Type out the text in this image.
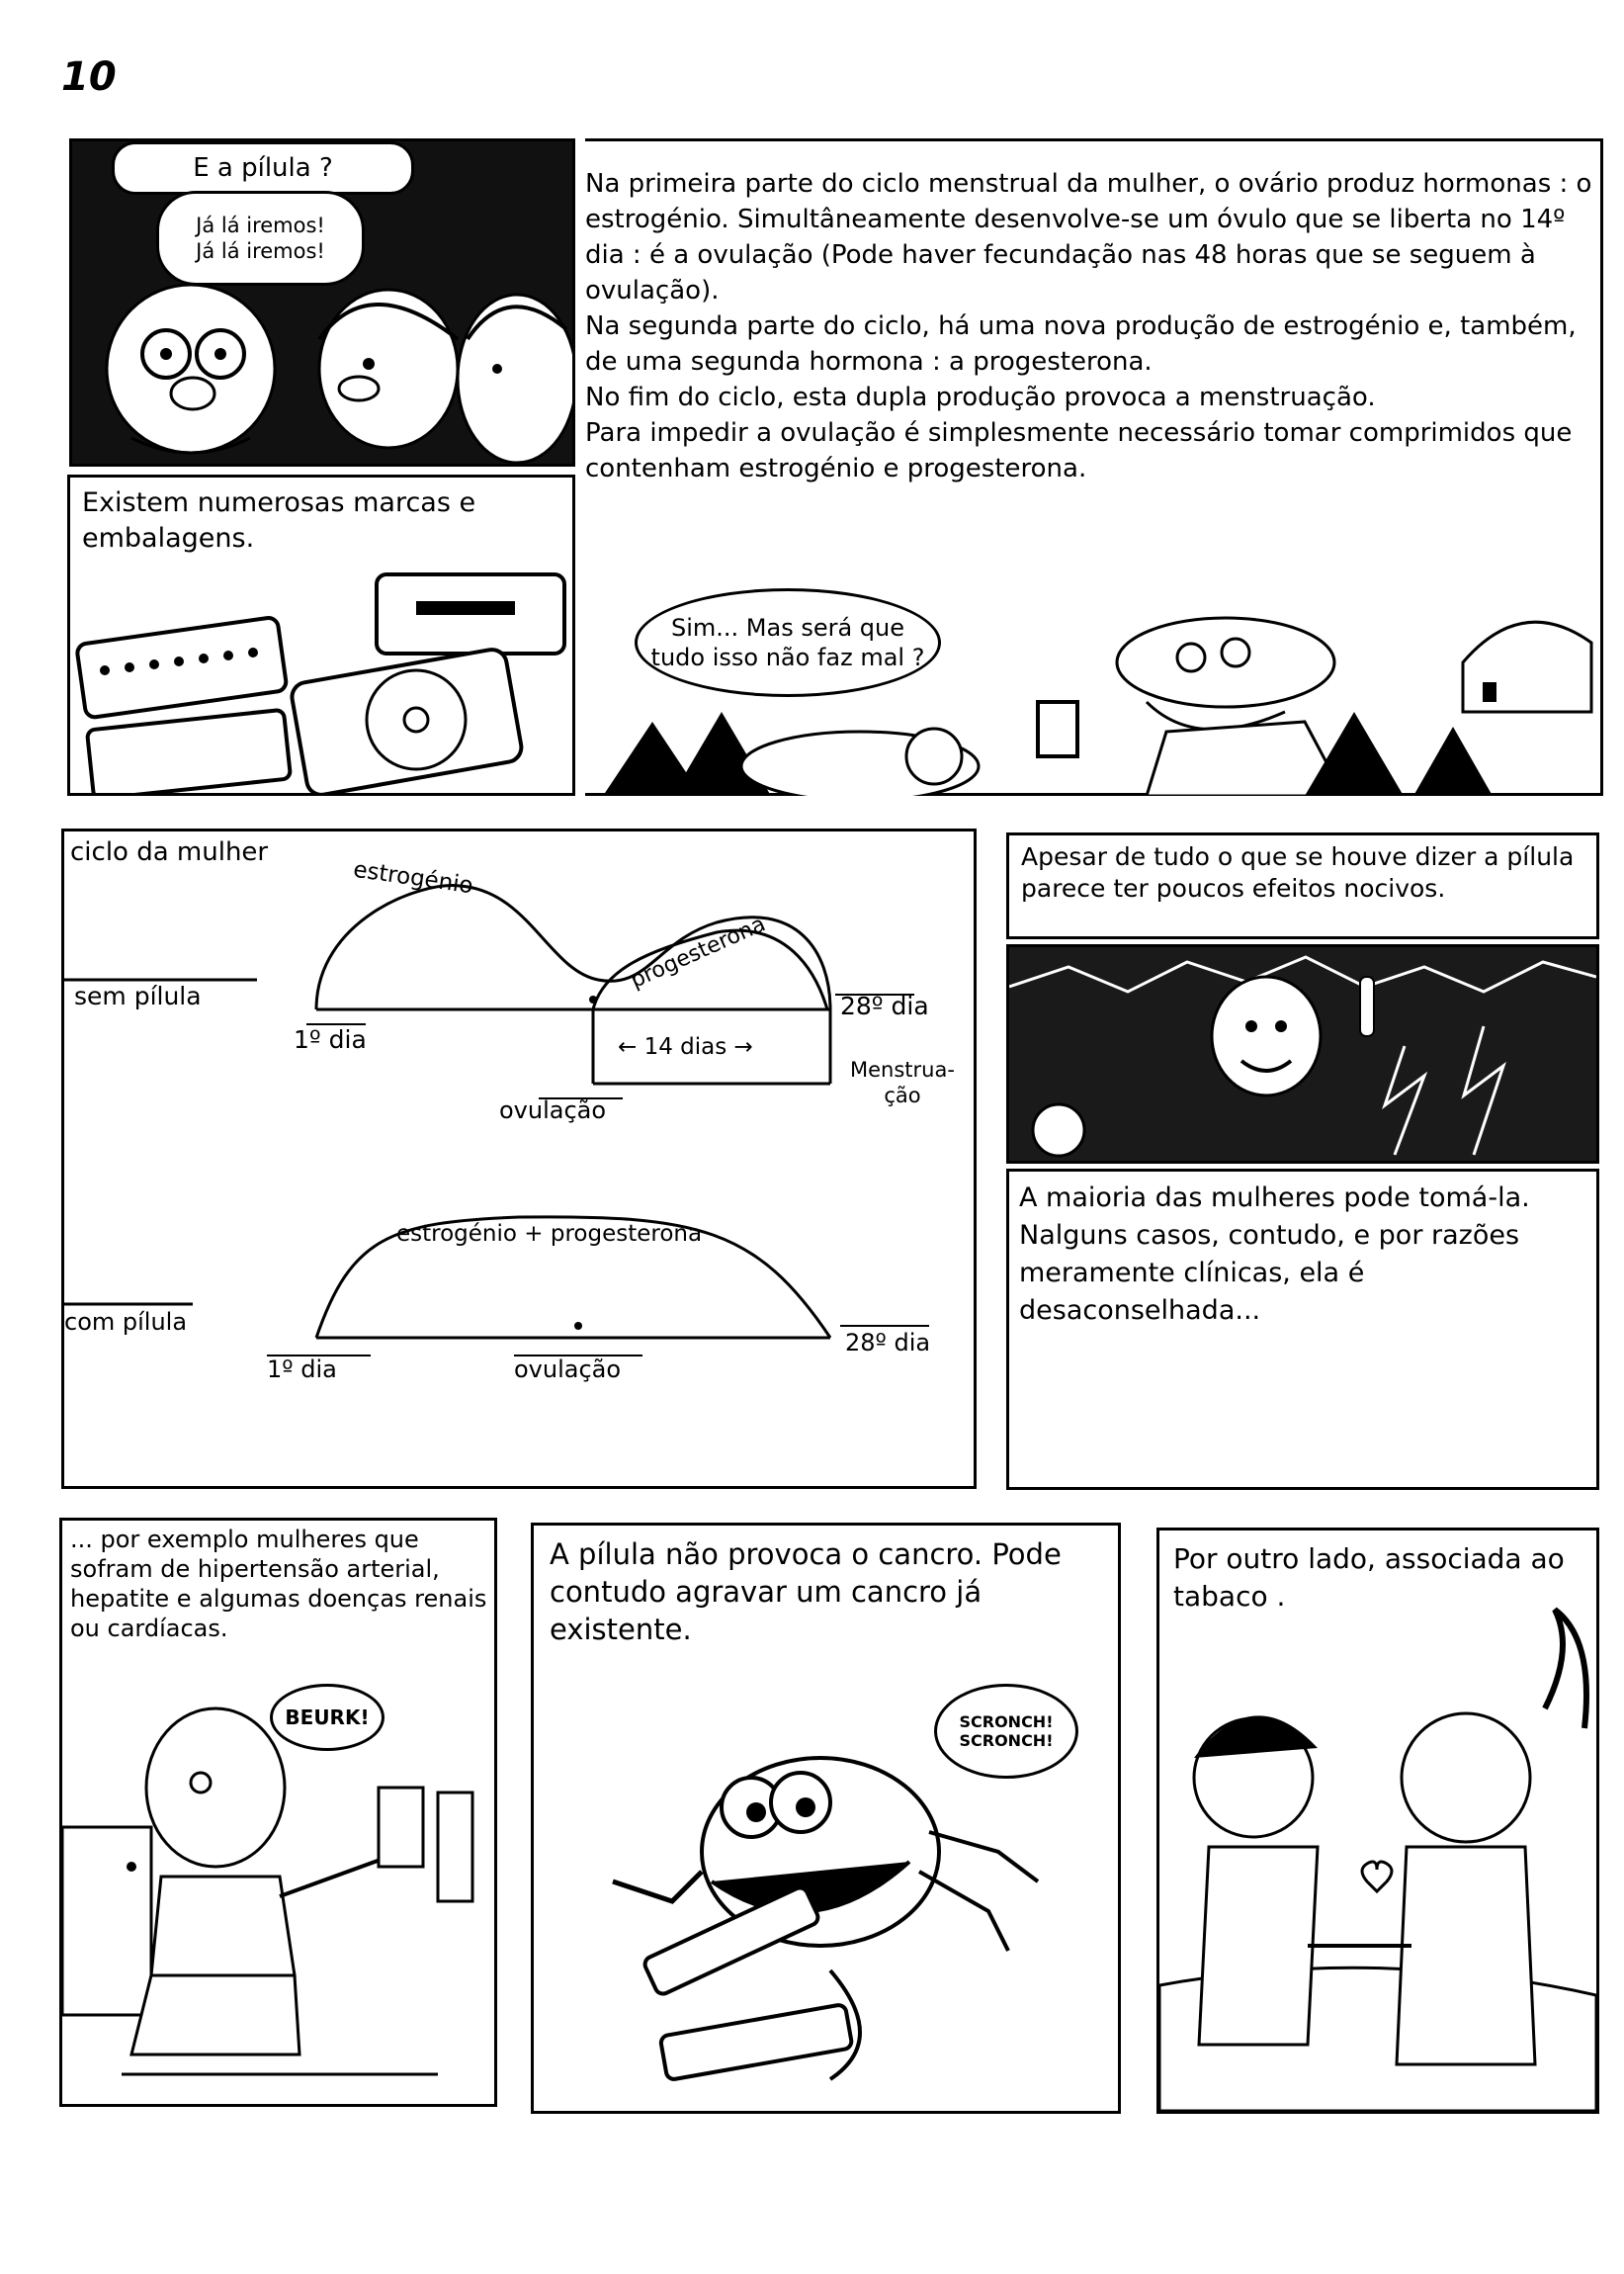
10
E a pílula ?
Já lá iremos!
Já lá iremos!
Na primeira parte do ciclo menstrual da mulher, o ovário produz hormonas : o estrogénio. Simultâneamente desenvolve-se um óvulo que se liberta no 14º dia : é a ovulação (Pode haver fecundação nas 48 horas que se seguem à ovulação).
Na segunda parte do ciclo, há uma nova produção de estrogénio e, também, de uma segunda hormona : a progesterona.
No fim do ciclo, esta dupla produção provoca a menstruação.
Para impedir a ovulação é simplesmente necessário tomar comprimidos que contenham estrogénio e progesterona.
Existem numerosas marcas e embalagens.
Sim... Mas será que tudo isso não faz mal ?
ciclo da mulher
sem pílula
estrogénio
progesterona
1º dia
28º dia
← 14 dias →
ovulação
Menstrua-
ção
com pílula
estrogénio + progesterona
1º dia	ovulação
28º dia
Apesar de tudo o que se houve dizer a pílula parece ter poucos efeitos nocivos.
A maioria das mulheres pode tomá-la.
Nalguns casos, contudo, e por razões meramente clínicas, ela é desaconselhada...
... por exemplo mulheres que sofram de hipertensão arterial, hepatite e algumas doenças renais ou cardíacas.
BEURK!
A pílula não provoca o cancro. Pode contudo agravar um cancro já existente.
SCRONCH! SCRONCH!
Por outro lado, associada ao tabaco .
